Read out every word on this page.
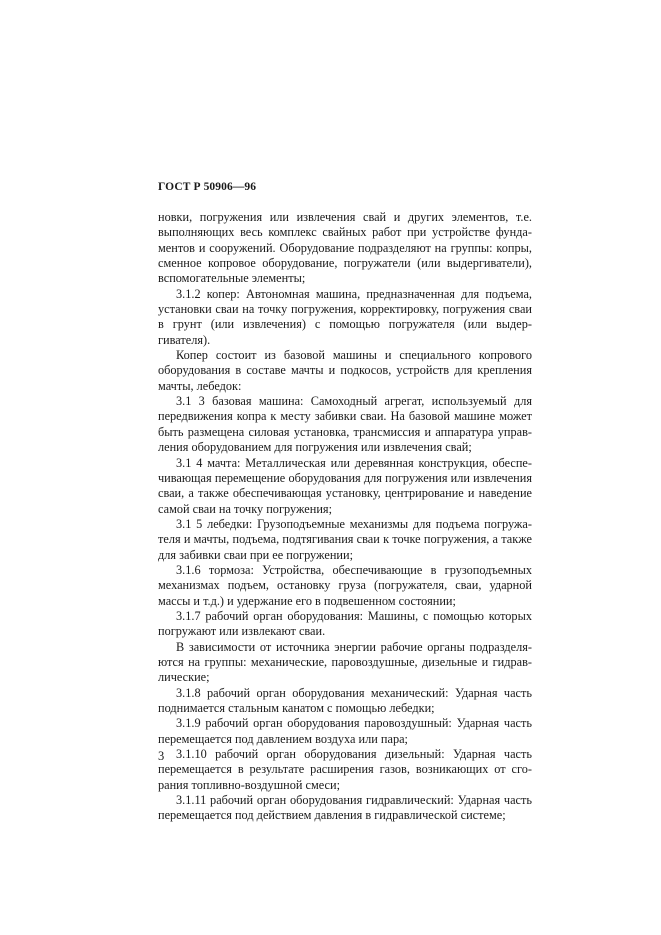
ГОСТ Р 50906—96

новки, погружения или извлечения свай и других элементов, т.е. выполняющих весь комплекс свайных работ при устройстве фундаментов и сооружений. Оборудование подразделяют на группы: копры, сменное копровое оборудование, погружатели (или выдергиватели), вспомогательные элементы;

3.1.2 копер: Автономная машина, предназначенная для подъема, установки сваи на точку погружения, корректировку, погружения сваи в грунт (или извлечения) с помощью погружателя (или выдергивателя).

Копер состоит из базовой машины и специального копрового оборудования в составе мачты и подкосов, устройств для крепления мачты, лебедок:

3.1 3 базовая машина: Самоходный агрегат, используемый для передвижения копра к месту забивки сваи. На базовой машине может быть размещена силовая установка, трансмиссия и аппаратура управления оборудованием для погружения или извлечения свай;

3.1 4 мачта: Металлическая или деревянная конструкция, обеспечивающая перемещение оборудования для погружения или извлечения сваи, а также обеспечивающая установку, центрирование и наведение самой сваи на точку погружения;

3.1 5 лебедки: Грузоподъемные механизмы для подъема погружателя и мачты, подъема, подтягивания сваи к точке погружения, а также для забивки сваи при ее погружении;

3.1.6 тормоза: Устройства, обеспечивающие в грузоподъемных механизмах подъем, остановку груза (погружателя, сваи, ударной массы и т.д.) и удержание его в подвешенном состоянии;

3.1.7 рабочий орган оборудования: Машины, с помощью которых погружают или извлекают сваи.

В зависимости от источника энергии рабочие органы подразделяются на группы: механические, паровоздушные, дизельные и гидравлические;

3.1.8 рабочий орган оборудования механический: Ударная часть поднимается стальным канатом с помощью лебедки;

3.1.9 рабочий орган оборудования паровоздушный: Ударная часть перемещается под давлением воздуха или пара;

3.1.10 рабочий орган оборудования дизельный: Ударная часть перемещается в результате расширения газов, возникающих от сгорания топливно-воздушной смеси;

3.1.11 рабочий орган оборудования гидравлический: Ударная часть перемещается под действием давления в гидравлической системе;

3
